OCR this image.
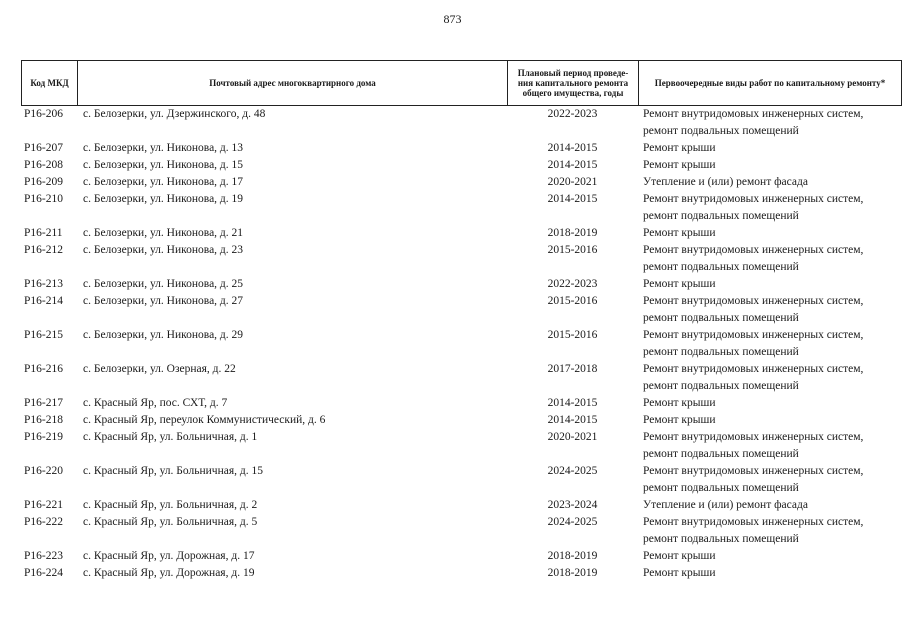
873
Код МКД	Почтовый адрес многоквартирного дома	Плановый период проведе-ния капитального ремонта общего имущества, годы	Первоочередные виды работ по капитальному ремонту*
Р16-206	с. Белозерки, ул. Дзержинского, д. 48	2022-2023	Ремонт внутридомовых инженерных систем,
ремонт подвальных помещений
Р16-207	с. Белозерки, ул. Никонова, д. 13	2014-2015	Ремонт крыши
Р16-208	с. Белозерки, ул. Никонова, д. 15	2014-2015	Ремонт крыши
Р16-209	с. Белозерки, ул. Никонова, д. 17	2020-2021	Утепление и (или) ремонт фасада
Р16-210	с. Белозерки, ул. Никонова, д. 19	2014-2015	Ремонт внутридомовых инженерных систем,
ремонт подвальных помещений
Р16-211	с. Белозерки, ул. Никонова, д. 21	2018-2019	Ремонт крыши
Р16-212	с. Белозерки, ул. Никонова, д. 23	2015-2016	Ремонт внутридомовых инженерных систем,
ремонт подвальных помещений
Р16-213	с. Белозерки, ул. Никонова, д. 25	2022-2023	Ремонт крыши
Р16-214	с. Белозерки, ул. Никонова, д. 27	2015-2016	Ремонт внутридомовых инженерных систем,
ремонт подвальных помещений
Р16-215	с. Белозерки, ул. Никонова, д. 29	2015-2016	Ремонт внутридомовых инженерных систем,
ремонт подвальных помещений
Р16-216	с. Белозерки, ул. Озерная, д. 22	2017-2018	Ремонт внутридомовых инженерных систем,
ремонт подвальных помещений
Р16-217	с. Красный Яр, пос. СХТ, д. 7	2014-2015	Ремонт крыши
Р16-218	с. Красный Яр, переулок Коммунистический, д. 6	2014-2015	Ремонт крыши
Р16-219	с. Красный Яр, ул. Больничная, д. 1	2020-2021	Ремонт внутридомовых инженерных систем,
ремонт подвальных помещений
Р16-220	с. Красный Яр, ул. Больничная, д. 15	2024-2025	Ремонт внутридомовых инженерных систем,
ремонт подвальных помещений
Р16-221	с. Красный Яр, ул. Больничная, д. 2	2023-2024	Утепление и (или) ремонт фасада
Р16-222	с. Красный Яр, ул. Больничная, д. 5	2024-2025	Ремонт внутридомовых инженерных систем,
ремонт подвальных помещений
Р16-223	с. Красный Яр, ул. Дорожная, д. 17	2018-2019	Ремонт крыши
Р16-224	с. Красный Яр, ул. Дорожная, д. 19	2018-2019	Ремонт крыши
